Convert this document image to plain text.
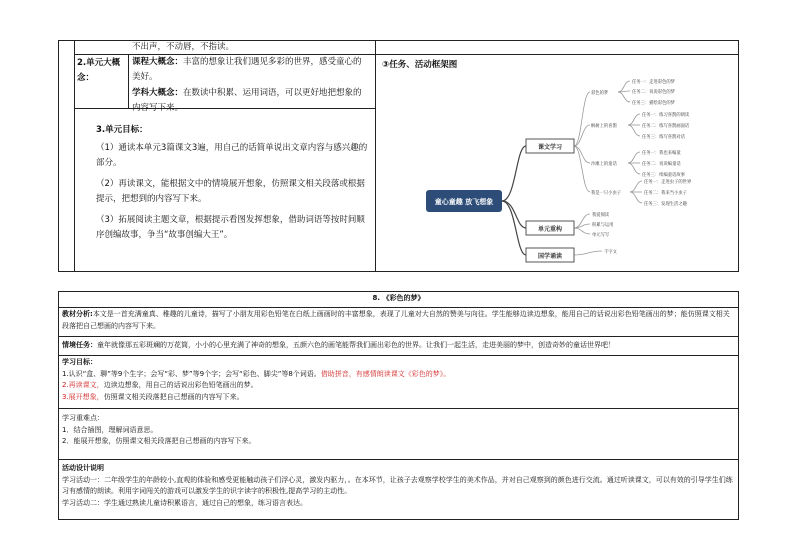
不出声，不动唇，不指读。
2.单元大概念：
课程大概念：丰富的想象让我们遇见多彩的世界，感受童心的美好。
学科大概念：在数读中积累、运用词语，可以更好地把想象的内容写下来。
3.单元目标：
（1）通读本单元3篇课文3遍，用自己的话简单说出文章内容与感兴趣的部分。
（2）再读课文，能根据文中的情境展开想象，仿照课文相关段落或根据提示，把想到的内容写下来。
（3）拓展阅读主题文章，根据提示看图发挥想象，借助词语等按时间顺序创编故事，争当“故事创编大王”。
③任务、活动框架图
童心童趣 放飞想象
课文学习
单元重构
国学诵读
彩色的梦
枫树上的喜鹊
沙滩上的童话
我是一只小虫子
任务一：走进彩色的梦
任务二：说说彩色的梦
任务三：描绘彩色的梦
任务一：练习喜鹊的朗读
任务二：练写喜鹊画面话
任务三：练写喜鹊对话
任务一：我也来编童
任务二：说说编童话
任务三：续编童话故事
任务一：走进虫子的世界
任务二：我来当小虫子
任务三：发现生活之趣
我爱阅读
积累与运用
单元写写
千字文
8. 《彩色的梦》
教材分析:本文是一首充满童真、稚趣的儿童诗，描写了小朋友用彩色铅笔在白纸上画画时的丰富想象，表现了儿童对大自然的赞美与向往。学生能够边读边想象，能用自己的话说出彩色铅笔画出的梦；能仿照课文相关段落把自己想画的内容写下来。
情境任务：童年就像那五彩斑斓的万花筒，小小的心里充满了神奇的想象，五颜六色的画笔能帮我们画出彩色的世界。让我们一起生活，走进美丽的梦中，创造奇妙的童话世界吧！
学习目标：
1.认识“盒、聊”等9个生字；会写“彩、梦”等9个字；会写“彩色、脚尖”等8个词语。借助拼音，有感情朗读课文《彩色的梦》。
2.再读课文，边读边想象，用自己的话说出彩色铅笔画出的梦。
3.展开想象，仿照课文相关段落把自己想画的内容写下来。
学习重难点：
1．结合插图，理解词语意思。
2．能展开想象，仿照课文相关段落把自己想画的内容写下来。
活动设计说明
学习活动一：二年级学生的年龄较小,直观的体验和感受更能触动孩子们浮心灵，激发内驱力，。在本环节，让孩子去观察学校学生的美术作品，并对自己观察到的颜色进行交流。通过听读课文，可以有效的引导学生们练习有感情的朗读。利用字词闯关的游戏可以激发学生的识字读字的积极性,提高学习的主动性。
学习活动二：学生通过熟读儿童诗积累语言，通过自己的想象，练习语言表达。
